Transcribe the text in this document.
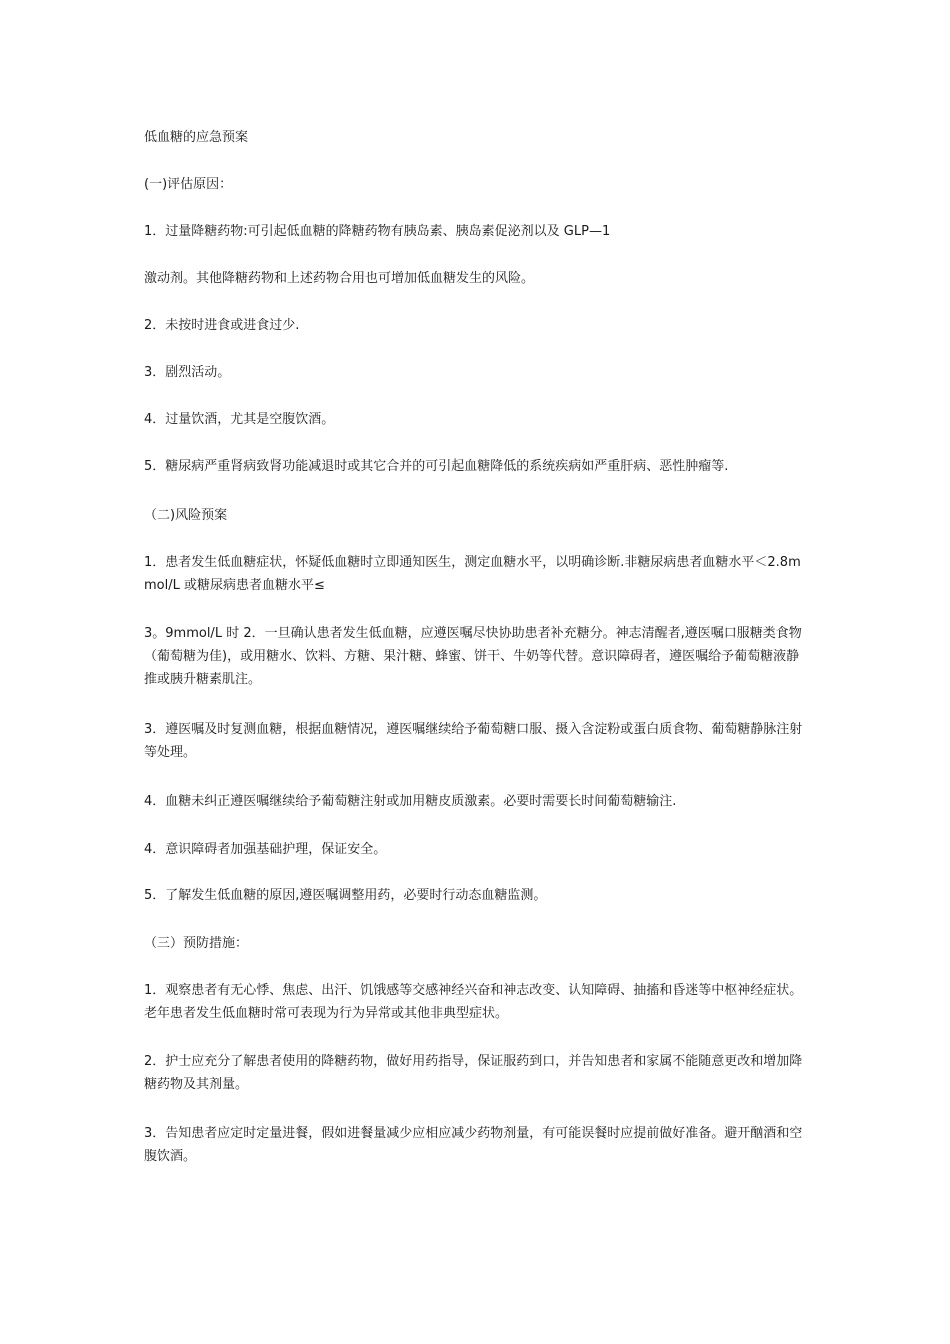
低血糖的应急预案

(一)评估原因：

1．过量降糖药物:可引起低血糖的降糖药物有胰岛素、胰岛素促泌剂以及 GLP—1

激动剂。其他降糖药物和上述药物合用也可增加低血糖发生的风险。

2．未按时进食或进食过少.

3．剧烈活动。

4．过量饮酒，尤其是空腹饮酒。

5．糖尿病严重肾病致肾功能减退时或其它合并的可引起血糖降低的系统疾病如严重肝病、恶性肿瘤等.

（二)风险预案

1．患者发生低血糖症状，怀疑低血糖时立即通知医生，测定血糖水平，以明确诊断.非糖尿病患者血糖水平＜2.8mmol/L 或糖尿病患者血糖水平≤

3。9mmol/L 时 2．一旦确认患者发生低血糖，应遵医嘱尽快协助患者补充糖分。神志清醒者,遵医嘱口服糖类食物（葡萄糖为佳)，或用糖水、饮料、方糖、果汁糖、蜂蜜、饼干、牛奶等代替。意识障碍者，遵医嘱给予葡萄糖液静推或胰升糖素肌注。

3．遵医嘱及时复测血糖，根据血糖情况，遵医嘱继续给予葡萄糖口服、摄入含淀粉或蛋白质食物、葡萄糖静脉注射等处理。

4．血糖未纠正遵医嘱继续给予葡萄糖注射或加用糖皮质激素。必要时需要长时间葡萄糖输注.

4．意识障碍者加强基础护理，保证安全。

5．了解发生低血糖的原因,遵医嘱调整用药，必要时行动态血糖监测。

（三）预防措施：

1．观察患者有无心悸、焦虑、出汗、饥饿感等交感神经兴奋和神志改变、认知障碍、抽搐和昏迷等中枢神经症状。老年患者发生低血糖时常可表现为行为异常或其他非典型症状。

2．护士应充分了解患者使用的降糖药物，做好用药指导，保证服药到口，并告知患者和家属不能随意更改和增加降糖药物及其剂量。

3．告知患者应定时定量进餐，假如进餐量减少应相应减少药物剂量，有可能误餐时应提前做好准备。避开酗酒和空腹饮酒。
